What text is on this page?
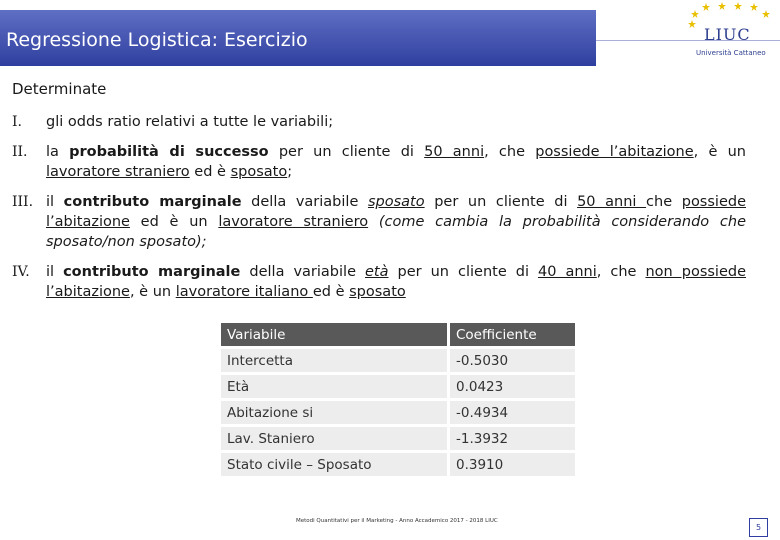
Regressione Logistica: Esercizio	LIUC
Università Cattaneo
Determinate
I. gli odds ratio relativi a tutte le variabili;
II. la probabilità di successo per un cliente di 50 anni, che possiede l’abitazione, è un lavoratore straniero ed è sposato;
III. il contributo marginale della variabile sposato per un cliente di 50 anni che possiede l’abitazione ed è un lavoratore straniero (come cambia la probabilità considerando che sposato/non sposato);
IV. il contributo marginale della variabile età per un cliente di 40 anni, che non possiede l’abitazione, è un lavoratore italiano ed è sposato
Variabile	Coefficiente
Intercetta	-0.5030
Età	0.0423
Abitazione si	-0.4934
Lav. Staniero	-1.3932
Stato civile – Sposato	0.3910
Metodi Quantitativi per il Marketing - Anno Accademico 2017 - 2018 LIUC
5
